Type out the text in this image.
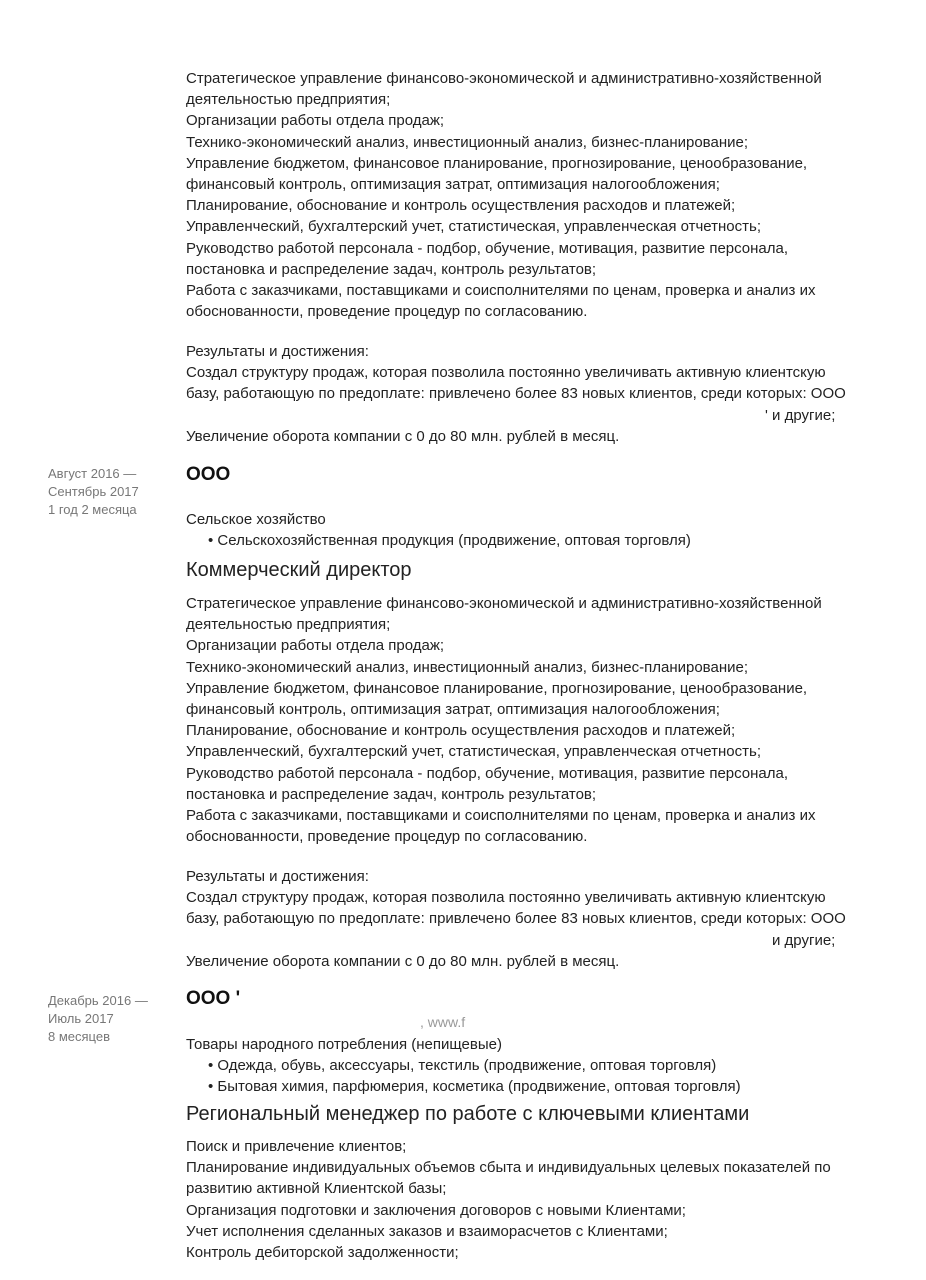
Стратегическое управление финансово-экономической и административно-хозяйственной
деятельностью предприятия;
Организации работы отдела продаж;
Технико-экономический анализ, инвестиционный анализ, бизнес-планирование;
Управление бюджетом, финансовое планирование, прогнозирование, ценообразование,
финансовый контроль, оптимизация затрат, оптимизация налогообложения;
Планирование, обоснование и контроль осуществления расходов и платежей;
Управленческий, бухгалтерский учет, статистическая, управленческая отчетность;
Руководство работой персонала - подбор, обучение, мотивация, развитие персонала,
постановка и распределение задач, контроль результатов;
Работа с заказчиками, поставщиками и соисполнителями по ценам, проверка и анализ их
обоснованности, проведение процедур по согласованию.
Результаты и достижения:
Создал структуру продаж, которая позволила постоянно увеличивать активную клиентскую
базу, работающую по предоплате: привлечено более 83 новых клиентов, среди которых: ООО
' и другие;
Увеличение оборота компании с 0 до 80 млн. рублей в месяц.
Август 2016 —
Сентябрь 2017
1 год 2 месяца
ООО
Сельское хозяйство
• Сельскохозяйственная продукция (продвижение, оптовая торговля)
Коммерческий директор
Стратегическое управление финансово-экономической и административно-хозяйственной
деятельностью предприятия;
Организации работы отдела продаж;
Технико-экономический анализ, инвестиционный анализ, бизнес-планирование;
Управление бюджетом, финансовое планирование, прогнозирование, ценообразование,
финансовый контроль, оптимизация затрат, оптимизация налогообложения;
Планирование, обоснование и контроль осуществления расходов и платежей;
Управленческий, бухгалтерский учет, статистическая, управленческая отчетность;
Руководство работой персонала - подбор, обучение, мотивация, развитие персонала,
постановка и распределение задач, контроль результатов;
Работа с заказчиками, поставщиками и соисполнителями по ценам, проверка и анализ их
обоснованности, проведение процедур по согласованию.
Результаты и достижения:
Создал структуру продаж, которая позволила постоянно увеличивать активную клиентскую
базу, работающую по предоплате: привлечено более 83 новых клиентов, среди которых: ООО
и другие;
Увеличение оборота компании с 0 до 80 млн. рублей в месяц.
Декабрь 2016 —
Июль 2017
8 месяцев
ООО '
, www.f
Товары народного потребления (непищевые)
• Одежда, обувь, аксессуары, текстиль (продвижение, оптовая торговля)
• Бытовая химия, парфюмерия, косметика (продвижение, оптовая торговля)
Региональный менеджер по работе с ключевыми клиентами
Поиск и привлечение клиентов;
Планирование индивидуальных объемов сбыта и индивидуальных целевых показателей по
развитию активной Клиентской базы;
Организация подготовки и заключения договоров с новыми Клиентами;
Учет исполнения сделанных заказов и взаиморасчетов с Клиентами;
Контроль дебиторской задолженности;
